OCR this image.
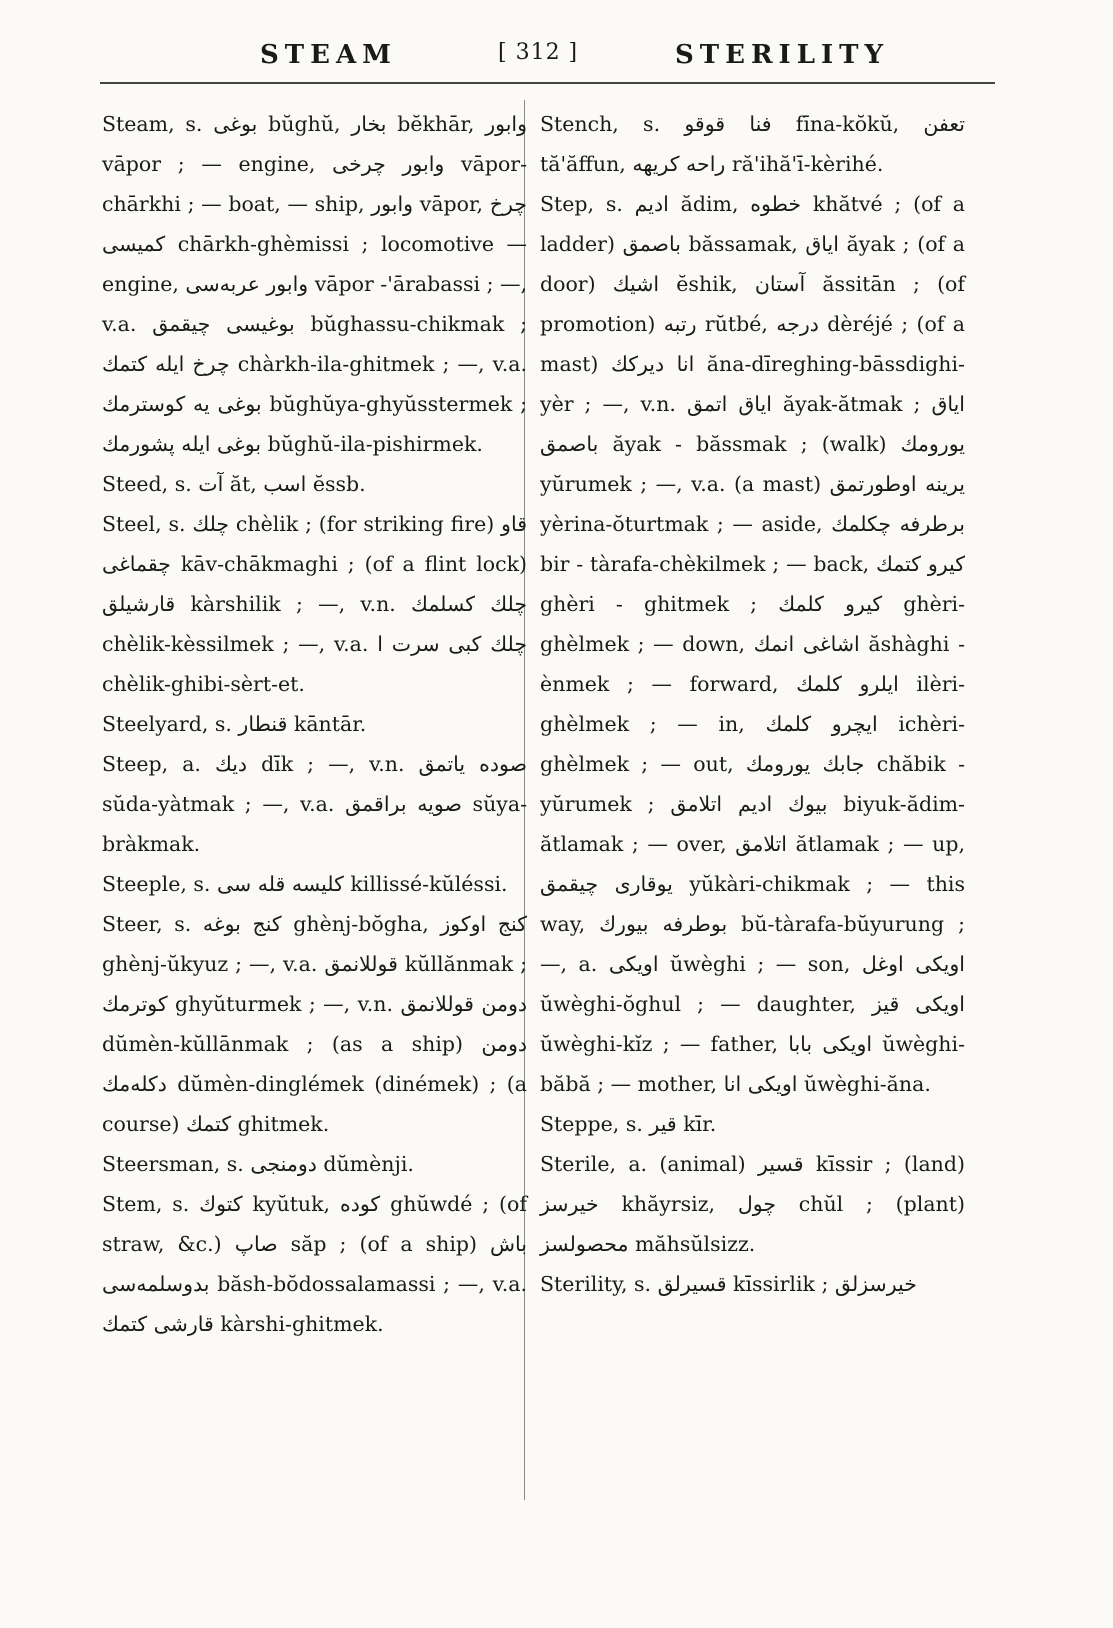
STEAM	[ 312 ]	STERILITY

Steam, s. بوغى bŭghŭ, بخار bĕkhār, وابور vāpor ; — engine, وابور چرخى vāpor-chārkhi ; — boat, — ship, وابور vāpor, چرخ كميسى chārkh-ghèmissi ; locomotive — engine, وابور عربەسى vāpor -'ārabassi ; —, v.a. بوغيسى چيقمق bŭghassu-chikmak ; چرخ ايله كتمك chàrkh-ila-ghitmek ; —, v.a. بوغى يه كوسترمك bŭghŭya-ghyŭsstermek ; بوغى ايله پشورمك bŭghŭ-ila-pishirmek.

Steed, s. آت ăt, اسب ĕssb.

Steel, s. چلك chèlik ; (for striking fire) قاو چقماغى kāv-chākmaghi ; (of a flint lock) قارشيلق kàrshilik ; —, v.n. چلك كسلمك chèlik-kèssilmek ; —, v.a. چلك كبى سرت ا chèlik-ghibi-sèrt-et.

Steelyard, s. قنطار kāntār.

Steep, a. ديك dīk ; —, v.n. صودە ياتمق sŭda-yàtmak ; —, v.a. صويە براقمق sŭya-bràkmak.

Steeple, s. كليسه قله سى killissé-kŭléssi.

Steer, s. كنج بوغه ghènj-bŏgha, كنج اوكوز ghènj-ŭkyuz ; —, v.a. قوللانمق kŭllănmak ; كوترمك ghyŭturmek ; —, v.n. دومن قوللانمق dŭmèn-kŭllānmak ; (as a ship) دومن دكلەمك dŭmèn-dinglémek (dinémek) ; (a course) كتمك ghitmek.

Steersman, s. دومنجى dŭmènji.

Stem, s. كتوك kyŭtuk, كودە ghŭwdé ; (of straw, &c.) صاپ săp ; (of a ship) باش بدوسلمەسى băsh-bŏdossalamassi ; —, v.a. قارشى كتمك kàrshi-ghitmek.

Stench, s. فنا قوقو fīna-kŏkŭ, تعفن tă'ăffun, راحه كريهه ră'ihă'ī-kèrihé.

Step, s. اديم ădim, خطوه khătvé ; (of a ladder) باصمق băssamak, اياق ăyak ; (of a door) اشيك ĕshik, آستان ăssitān ; (of promotion) رتبه rŭtbé, درجه dèréjé ; (of a mast) انا ديركك ăna-dīreghing-bāssdighi-yèr ; —, v.n. اياق اتمق ăyak-ătmak ; اياق باصمق ăyak - băssmak ; (walk) يورومك yŭrumek ; —, v.a. (a mast) يرينه اوطورتمق yèrina-ŏturtmak ; — aside, برطرفه چكلمك bir - tàrafa-chèkilmek ; — back, كيرو كتمك ghèri - ghitmek ; كيرو كلمك ghèri-ghèlmek ; — down, اشاغى انمك ăshàghi - ènmek ; — forward, ايلرو كلمك ilèri-ghèlmek ; — in, ايچرو كلمك ichèri-ghèlmek ; — out, جابك يورومك chăbik - yŭrumek ; بيوك اديم اتلامق biyuk-ădim-ătlamak ; — over, اتلامق ătlamak ; — up, يوقارى چيقمق yŭkàri-chikmak ; — this way, بوطرفه بيورك bŭ-tàrafa-bŭyurung ; —, a. اويكى ŭwèghi ; — son, اويكى اوغل ŭwèghi-ŏghul ; — daughter, اويكى قيز ŭwèghi-kĭz ; — father, اويكى بابا ŭwèghi-băbă ; — mother, اويكى انا ŭwèghi-ăna.

Steppe, s. قير kīr.

Sterile, a. (animal) قسير kīssir ; (land) خيرسز khăyrsiz, چول chŭl ; (plant) محصولسز măhsŭlsizz.

Sterility, s. قسيرلق kīssirlik ; خيرسزلق
